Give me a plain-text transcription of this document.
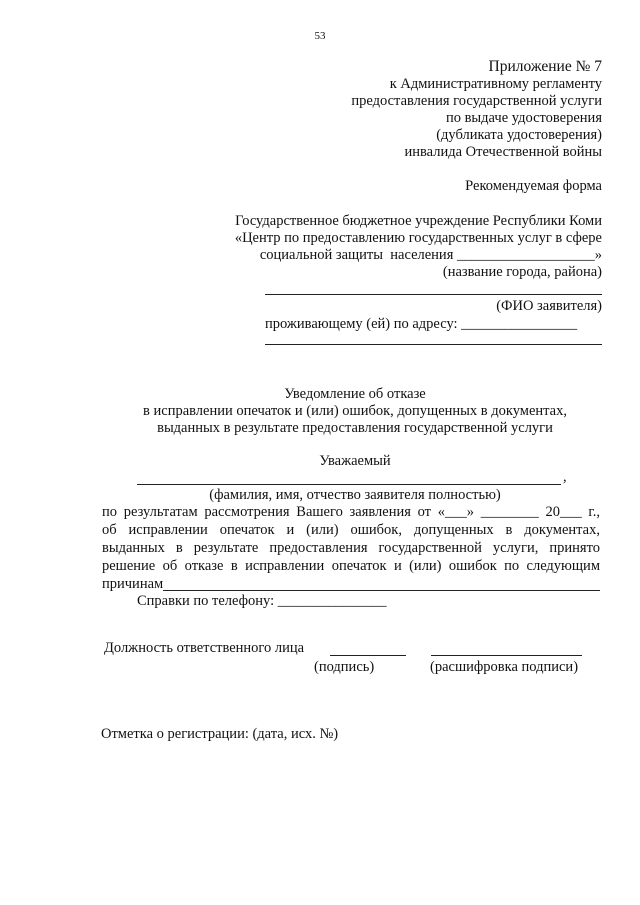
53
Приложение № 7
к Административному регламенту
предоставления государственной услуги
по выдаче удостоверения
(дубликата удостоверения)
инвалида Отечественной войны
Рекомендуемая форма
Государственное бюджетное учреждение Республики Коми
«Центр по предоставлению государственных услуг в сфере
социальной защиты  населения ___________________»
(название города, района)
(ФИО заявителя)
проживающему (ей) по адресу: ________________
Уведомление об отказе
в исправлении опечаток и (или) ошибок, допущенных в документах,
выданных в результате предоставления государственной услуги
Уважаемый
,
(фамилия, имя, отчество заявителя полностью)
по результатам рассмотрения Вашего заявления от «___» ________ 20___ г.,
об исправлении опечаток и (или) ошибок, допущенных в документах,
выданных в результате предоставления государственной услуги, принято
решение об отказе в исправлении опечаток и (или) ошибок по следующим
причинам
Справки по телефону: _______________
Должность ответственного лица
(подпись)	(расшифровка подписи)
Отметка о регистрации: (дата, исх. №)
